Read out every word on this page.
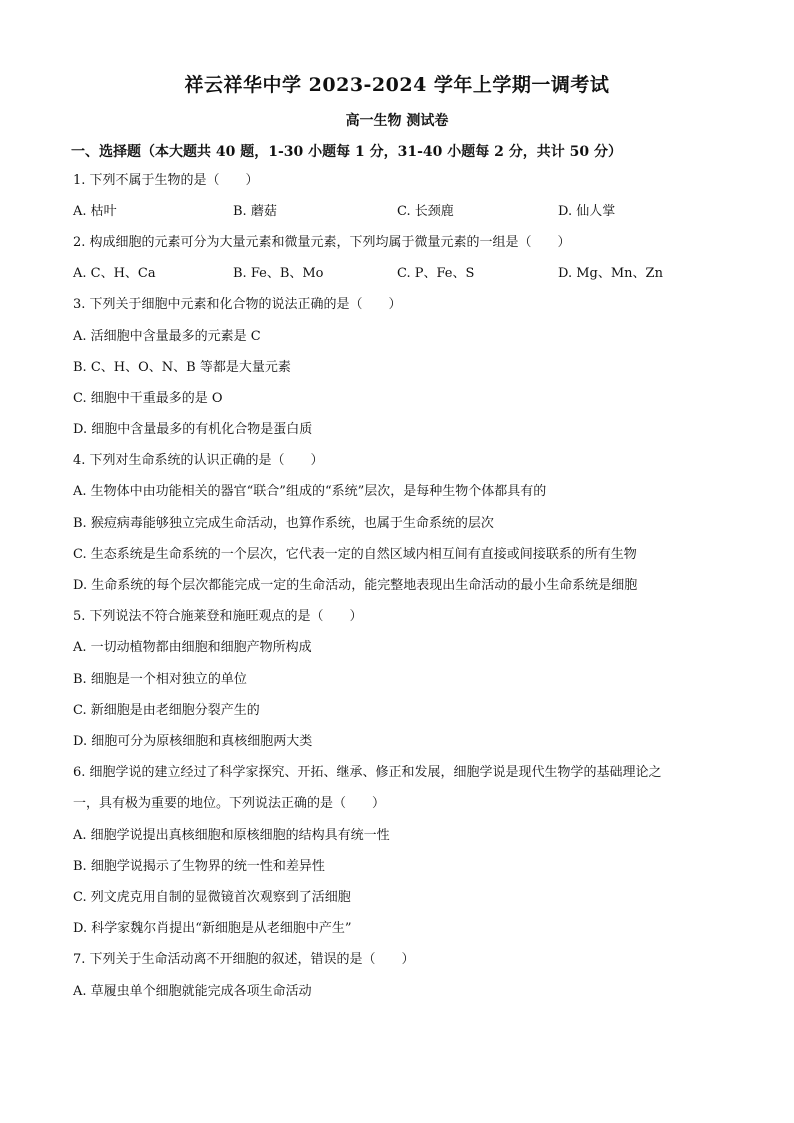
祥云祥华中学 2023-2024 学年上学期一调考试
高一生物 测试卷
一、选择题（本大题共 40 题，1-30 小题每 1 分，31-40 小题每 2 分，共计 50 分）
1. 下列不属于生物的是（　　）
A. 枯叶	B. 蘑菇	C. 长颈鹿	D. 仙人掌
2. 构成细胞的元素可分为大量元素和微量元素，下列均属于微量元素的一组是（　　）
A. C、H、Ca	B. Fe、B、Mo	C. P、Fe、S	D. Mg、Mn、Zn
3. 下列关于细胞中元素和化合物的说法正确的是（　　）
A. 活细胞中含量最多的元素是 C
B. C、H、O、N、B 等都是大量元素
C. 细胞中干重最多的是 O
D. 细胞中含量最多的有机化合物是蛋白质
4. 下列对生命系统的认识正确的是（　　）
A. 生物体中由功能相关的器官“联合”组成的“系统”层次，是每种生物个体都具有的
B. 猴痘病毒能够独立完成生命活动，也算作系统，也属于生命系统的层次
C. 生态系统是生命系统的一个层次，它代表一定的自然区域内相互间有直接或间接联系的所有生物
D. 生命系统的每个层次都能完成一定的生命活动，能完整地表现出生命活动的最小生命系统是细胞
5. 下列说法不符合施莱登和施旺观点的是（　　）
A. 一切动植物都由细胞和细胞产物所构成
B. 细胞是一个相对独立的单位
C. 新细胞是由老细胞分裂产生的
D. 细胞可分为原核细胞和真核细胞两大类
6. 细胞学说的建立经过了科学家探究、开拓、继承、修正和发展，细胞学说是现代生物学的基础理论之
一，具有极为重要的地位。下列说法正确的是（　　）
A. 细胞学说提出真核细胞和原核细胞的结构具有统一性
B. 细胞学说揭示了生物界的统一性和差异性
C. 列文虎克用自制的显微镜首次观察到了活细胞
D. 科学家魏尔肖提出“新细胞是从老细胞中产生”
7. 下列关于生命活动离不开细胞的叙述，错误的是（　　）
A. 草履虫单个细胞就能完成各项生命活动
